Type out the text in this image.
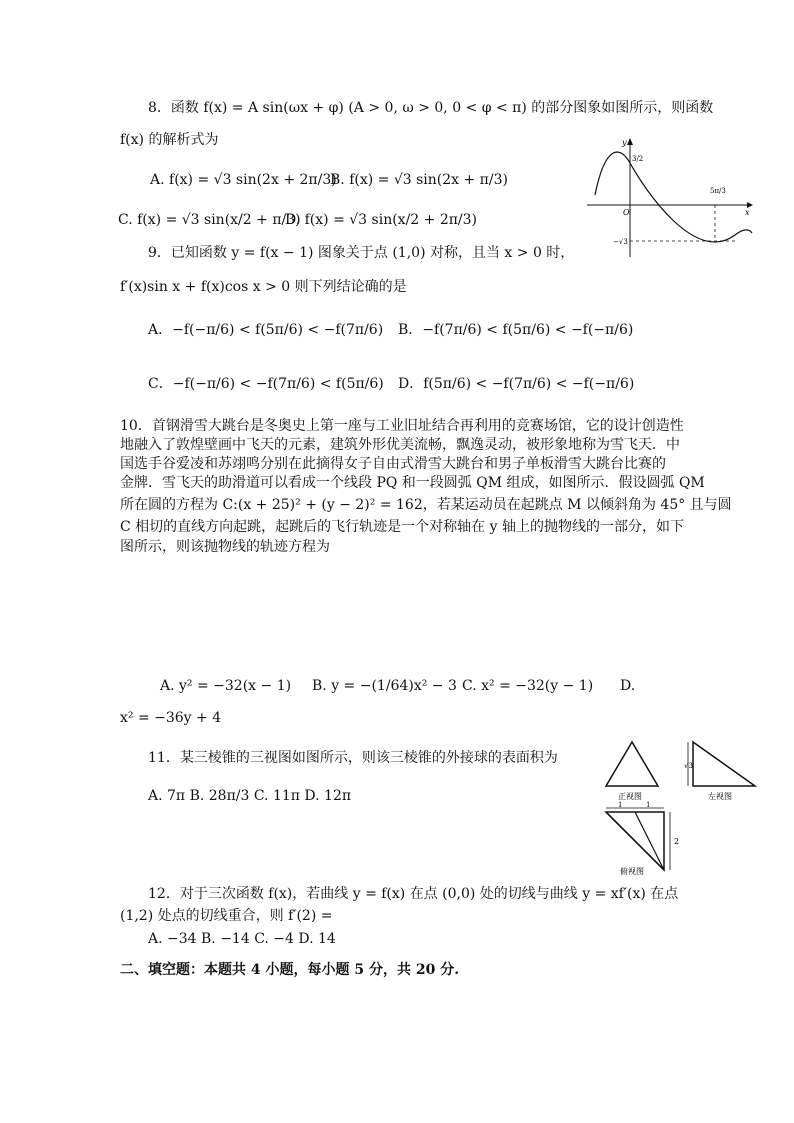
8．函数 f(x) = A sin(ωx + φ) (A > 0, ω > 0, 0 < φ < π) 的部分图象如图所示，则函数
f(x) 的解析式为
A. f(x) = √3 sin(2x + 2π/3)
B. f(x) = √3 sin(2x + π/3)
C. f(x) = √3 sin(x/2 + π/3)
D. f(x) = √3 sin(x/2 + 2π/3)
3/2
5π/3
O
−√3
x
y
9．已知函数 y = f(x − 1) 图象关于点 (1,0) 对称，且当 x > 0 时，
f′(x)sin x + f(x)cos x > 0 则下列结论确的是
A．−f(−π/6) < f(5π/6) < −f(7π/6) B．−f(7π/6) < f(5π/6) < −f(−π/6)
C．−f(−π/6) < −f(7π/6) < f(5π/6) D．f(5π/6) < −f(7π/6) < −f(−π/6)
10．首钢滑雪大跳台是冬奥史上第一座与工业旧址结合再利用的竞赛场馆，它的设计创造性
地融入了敦煌壁画中飞天的元素，建筑外形优美流畅，飘逸灵动，被形象地称为雪飞天．中
国选手谷爱凌和苏翊鸣分别在此摘得女子自由式滑雪大跳台和男子单板滑雪大跳台比赛的
金牌．雪飞天的助滑道可以看成一个线段 PQ 和一段圆弧 QM 组成，如图所示．假设圆弧 QM
所在圆的方程为 C:(x + 25)² + (y − 2)² = 162，若某运动员在起跳点 M 以倾斜角为 45° 且与圆
C 相切的直线方向起跳，起跳后的飞行轨迹是一个对称轴在 y 轴上的抛物线的一部分，如下
图所示，则该抛物线的轨迹方程为
A. y² = −32(x − 1) B. y = −(1/64)x² − 3 C. x² = −32(y − 1) D.
x² = −36y + 4
11．某三棱锥的三视图如图所示，则该三棱锥的外接球的表面积为
A. 7π B. 28π/3 C. 11π D. 12π	正视图
√3
左视图
1	1
2
俯视图
12．对于三次函数 f(x)，若曲线 y = f(x) 在点 (0,0) 处的切线与曲线 y = xf′(x) 在点
(1,2) 处点的切线重合，则 f′(2) =
A. −34 B. −14 C. −4 D. 14
二、填空题：本题共 4 小题，每小题 5 分，共 20 分.
